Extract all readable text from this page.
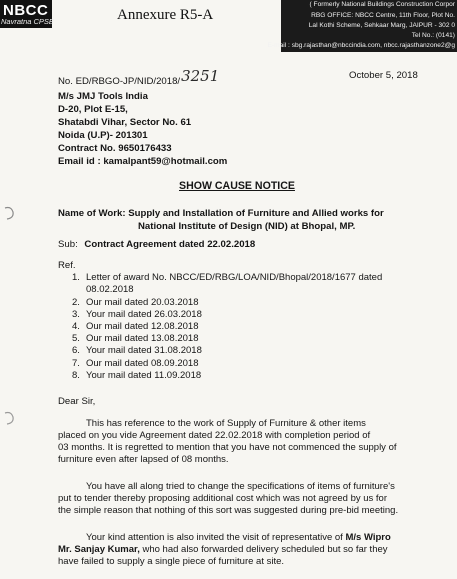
NBCC
Navratna CPSE	Annexure R5-A
( Formerly National Buildings Construction Corpor
RBG OFFICE: NBCC Centre, 11th Floor, Plot No.
Lal Kothi Scheme, Sehkaar Marg, JAIPUR - 302 0
Tel No.: (0141)
E-mail : sbg.rajasthan@nbccindia.com, nbcc.rajasthanzone2@g
No. ED/RBGO-JP/NID/2018/3251	October 5, 2018
M/s JMJ Tools India
D-20, Plot E-15,
Shatabdi Vihar, Sector No. 61
Noida (U.P)- 201301
Contract No. 9650176433
Email id : kamalpant59@hotmail.com
SHOW CAUSE NOTICE
Name of Work: Supply and Installation of Furniture and Allied works for
National Institute of Design (NID) at Bhopal, MP.
Sub: Contract Agreement dated 22.02.2018
Ref.
1. Letter of award No. NBCC/ED/RBG/LOA/NID/Bhopal/2018/1677 dated
08.02.2018
2. Our mail dated 20.03.2018
3. Your mail dated 26.03.2018
4. Our mail dated 12.08.2018
5. Our mail dated 13.08.2018
6. Your mail dated 31.08.2018
7. Our mail dated 08.09.2018
8. Your mail dated 11.09.2018
Dear Sir,
This has reference to the work of Supply of Furniture & other items
placed on you vide Agreement dated 22.02.2018 with completion period of
03 months. It is regretted to mention that you have not commenced the supply of
furniture even after lapsed of 08 months.
You have all along tried to change the specifications of items of furniture's
put to tender thereby proposing additional cost which was not agreed by us for
the simple reason that nothing of this sort was suggested during pre-bid meeting.
Your kind attention is also invited the visit of representative of M/s Wipro
Mr. Sanjay Kumar, who had also forwarded delivery scheduled but so far they
have failed to supply a single piece of furniture at site.
